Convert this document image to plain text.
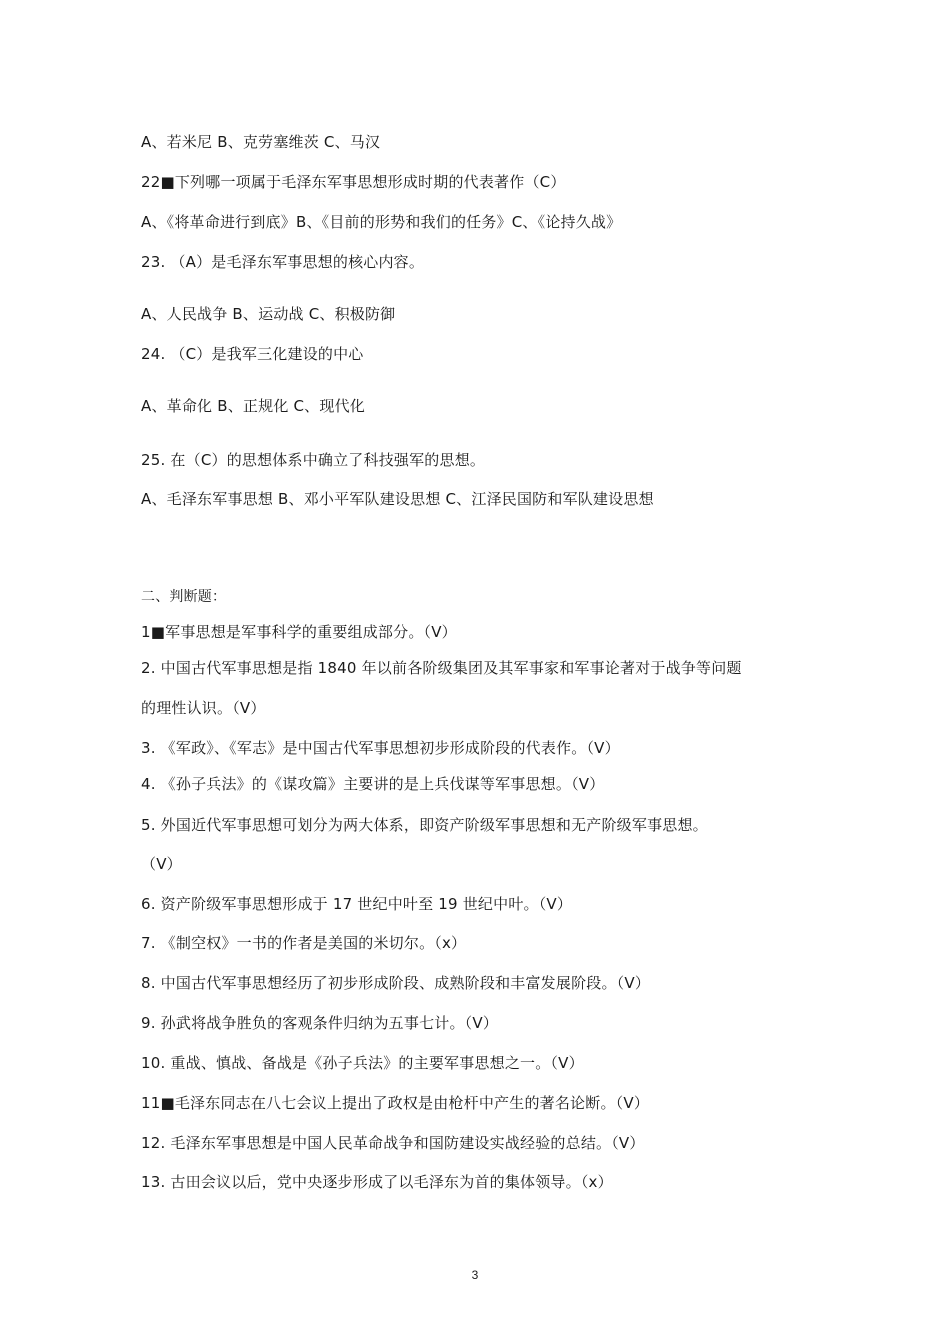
A、若米尼 B、克劳塞维茨 C、马汉
22■下列哪一项属于毛泽东军事思想形成时期的代表著作（C）
A、《将革命进行到底》B、《目前的形势和我们的任务》C、《论持久战》
23. （A）是毛泽东军事思想的核心内容。
A、人民战争 B、运动战 C、积极防御
24. （C）是我军三化建设的中心
A、革命化 B、正规化 C、现代化
25. 在（C）的思想体系中确立了科技强军的思想。
A、毛泽东军事思想 B、邓小平军队建设思想 C、江泽民国防和军队建设思想
二、判断题：
1■军事思想是军事科学的重要组成部分。（V）
2. 中国古代军事思想是指 1840 年以前各阶级集团及其军事家和军事论著对于战争等问题
的理性认识。（V）
3. 《军政》、《军志》是中国古代军事思想初步形成阶段的代表作。（V）
4. 《孙子兵法》的《谋攻篇》主要讲的是上兵伐谋等军事思想。（V）
5. 外国近代军事思想可划分为两大体系，即资产阶级军事思想和无产阶级军事思想。
（V）
6. 资产阶级军事思想形成于 17 世纪中叶至 19 世纪中叶。（V）
7. 《制空权》一书的作者是美国的米切尔。（x）
8. 中国古代军事思想经历了初步形成阶段、成熟阶段和丰富发展阶段。（V）
9. 孙武将战争胜负的客观条件归纳为五事七计。（V）
10. 重战、慎战、备战是《孙子兵法》的主要军事思想之一。（V）
11■毛泽东同志在八七会议上提出了政权是由枪杆中产生的著名论断。（V）
12. 毛泽东军事思想是中国人民革命战争和国防建设实战经验的总结。（V）
13. 古田会议以后，党中央逐步形成了以毛泽东为首的集体领导。（x）
3
